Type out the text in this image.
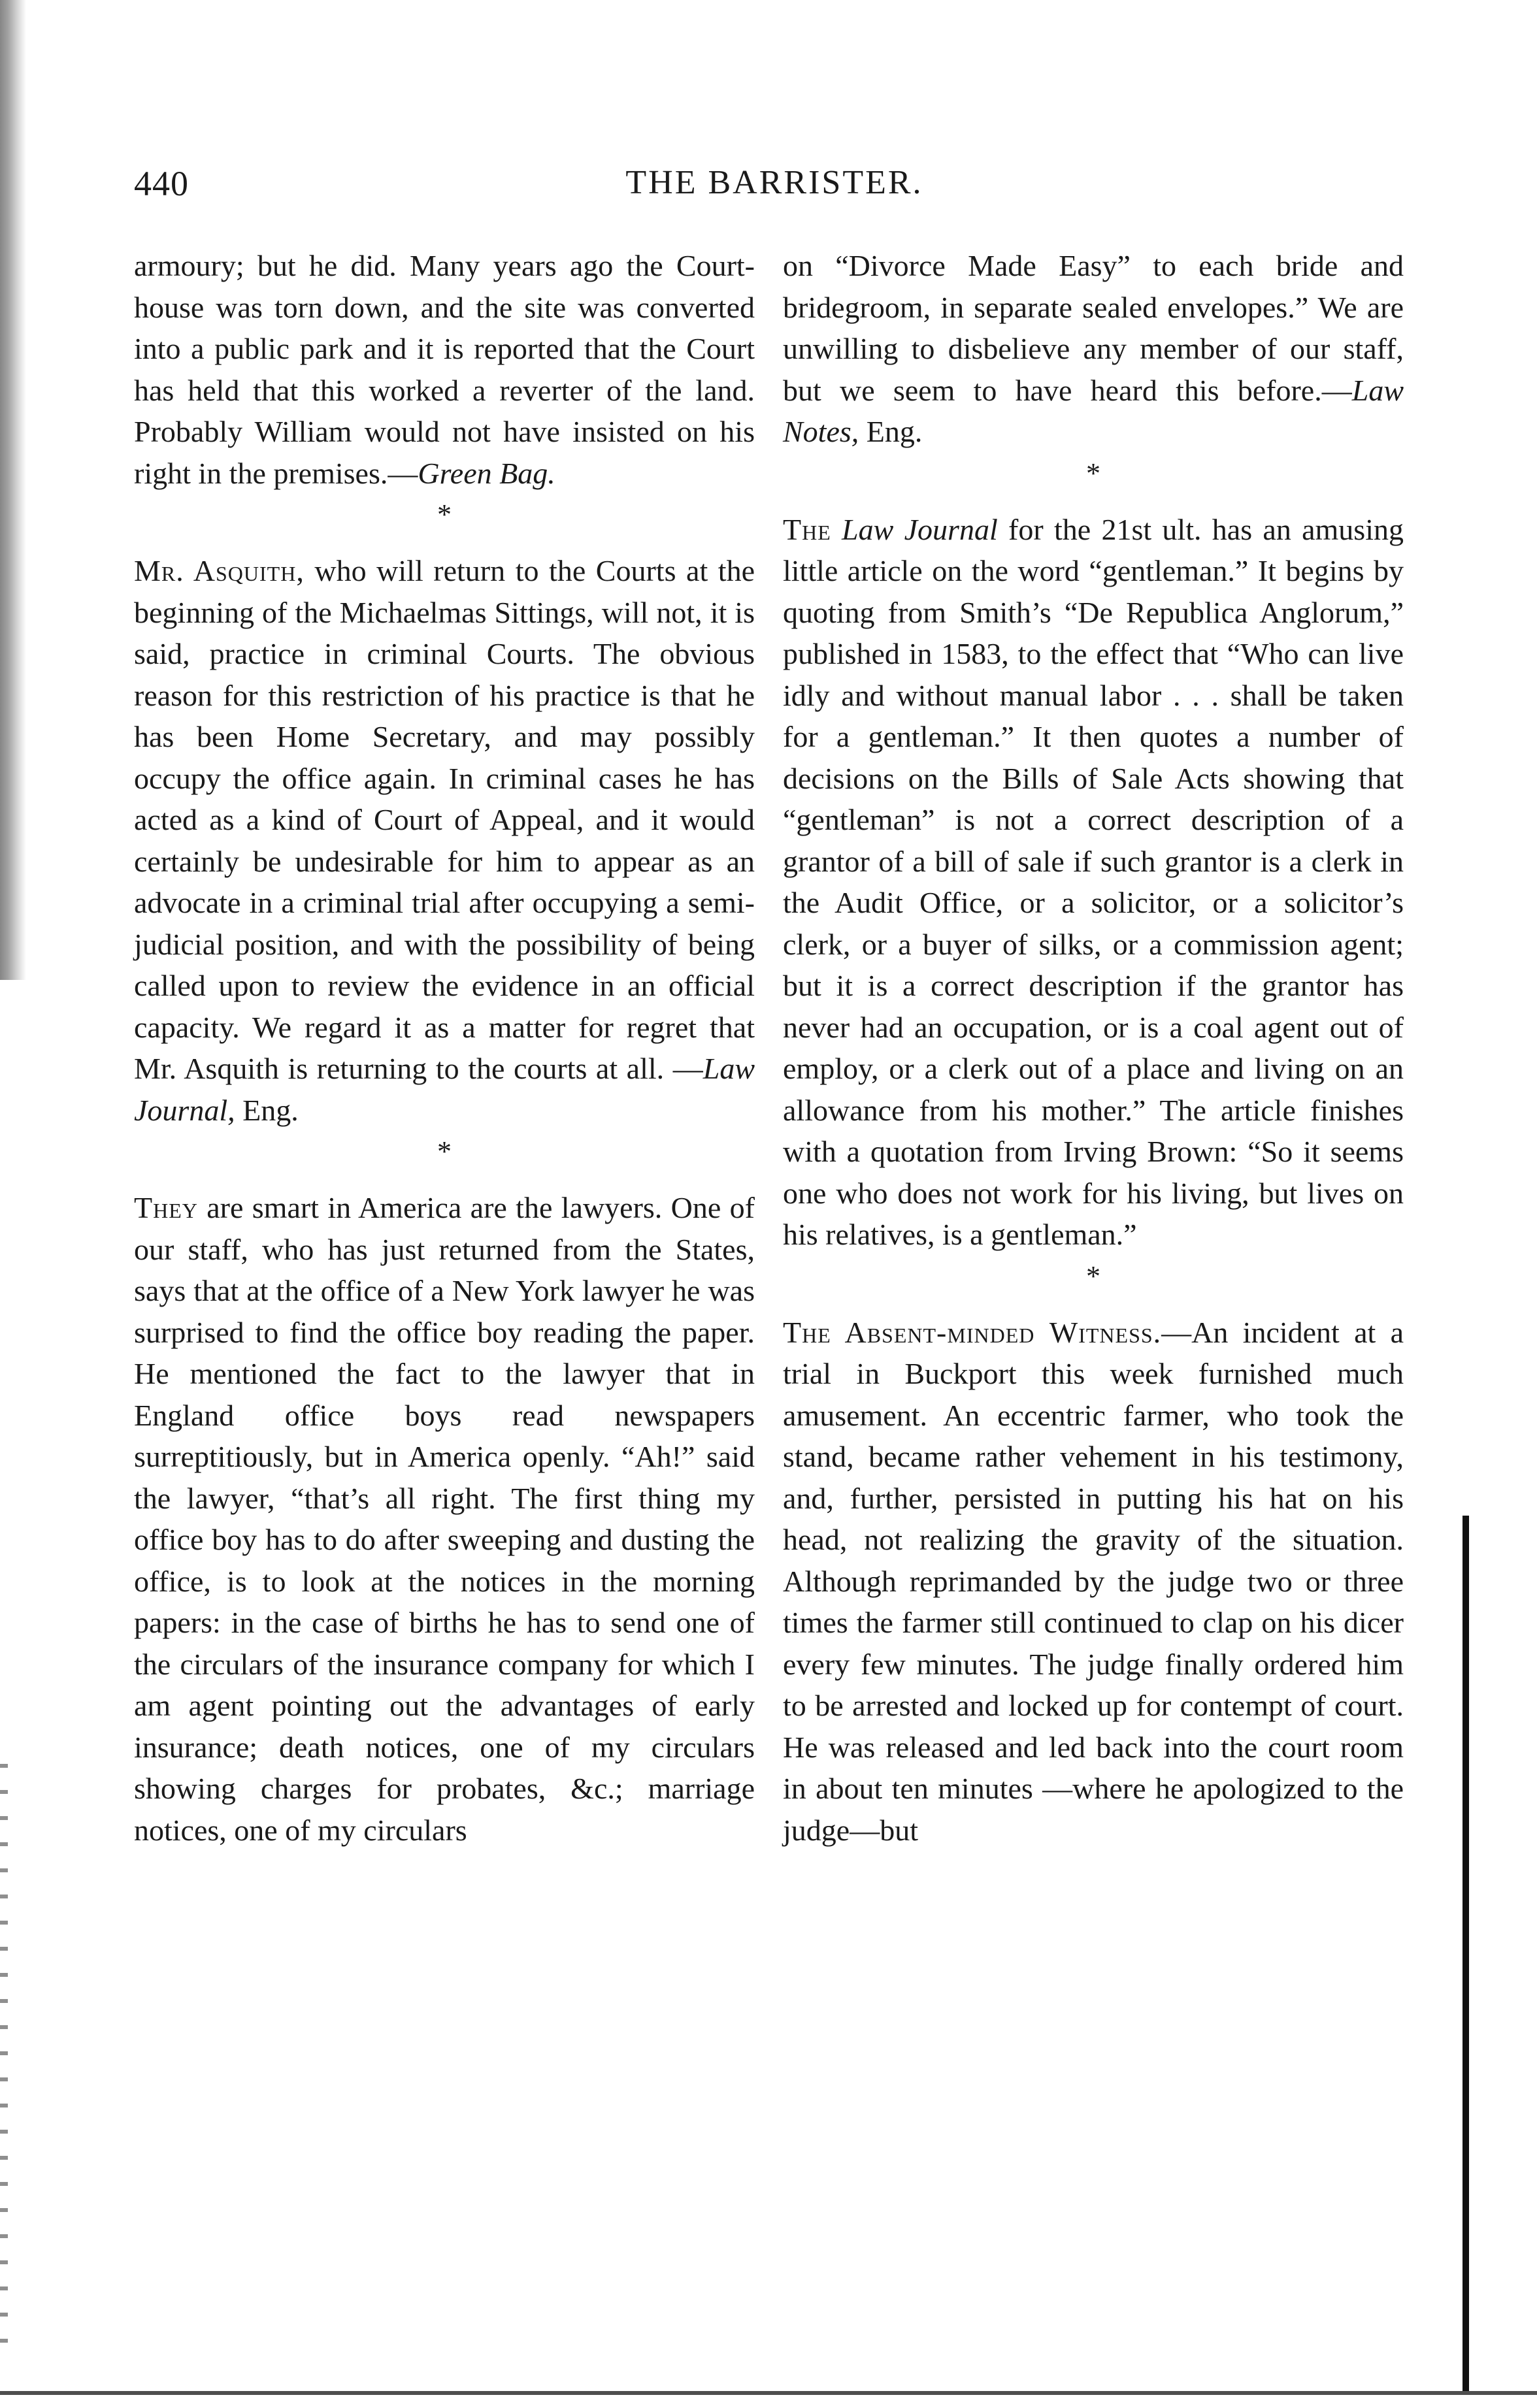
440	THE BARRISTER.

armoury; but he did. Many years ago the Court-house was torn down, and the site was converted into a public park and it is reported that the Court has held that this worked a reverter of the land. Probably William would not have insisted on his right in the premises.—Green Bag.

*

Mr. Asquith, who will return to the Courts at the beginning of the Michaelmas Sittings, will not, it is said, practice in criminal Courts. The obvious reason for this restriction of his practice is that he has been Home Secretary, and may possibly occupy the office again. In criminal cases he has acted as a kind of Court of Appeal, and it would certainly be undesirable for him to appear as an advocate in a criminal trial after occupying a semi-judicial position, and with the possibility of being called upon to review the evidence in an official capacity. We regard it as a matter for regret that Mr. Asquith is returning to the courts at all. —Law Journal, Eng.

*

They are smart in America are the lawyers. One of our staff, who has just returned from the States, says that at the office of a New York lawyer he was surprised to find the office boy reading the paper. He mentioned the fact to the lawyer that in England office boys read newspapers surreptitiously, but in America openly. “Ah!” said the lawyer, “that’s all right. The first thing my office boy has to do after sweeping and dusting the office, is to look at the notices in the morning papers: in the case of births he has to send one of the circulars of the insurance company for which I am agent pointing out the advantages of early insurance; death notices, one of my circulars showing charges for probates, &c.; marriage notices, one of my circulars

on “Divorce Made Easy” to each bride and bridegroom, in separate sealed envelopes.” We are unwilling to disbelieve any member of our staff, but we seem to have heard this before.—Law Notes, Eng.

*

The Law Journal for the 21st ult. has an amusing little article on the word “gentleman.” It begins by quoting from Smith’s “De Republica Anglorum,” published in 1583, to the effect that “Who can live idly and without manual labor . . . shall be taken for a gentleman.” It then quotes a number of decisions on the Bills of Sale Acts showing that “gentleman” is not a correct description of a grantor of a bill of sale if such grantor is a clerk in the Audit Office, or a solicitor, or a solicitor’s clerk, or a buyer of silks, or a commission agent; but it is a correct description if the grantor has never had an occupation, or is a coal agent out of employ, or a clerk out of a place and living on an allowance from his mother.” The article finishes with a quotation from Irving Brown: “So it seems one who does not work for his living, but lives on his relatives, is a gentleman.”

*

The Absent-minded Witness.—An incident at a trial in Buckport this week furnished much amusement. An eccentric farmer, who took the stand, became rather vehement in his testimony, and, further, persisted in putting his hat on his head, not realizing the gravity of the situation. Although reprimanded by the judge two or three times the farmer still continued to clap on his dicer every few minutes. The judge finally ordered him to be arrested and locked up for contempt of court. He was released and led back into the court room in about ten minutes —where he apologized to the judge—but
